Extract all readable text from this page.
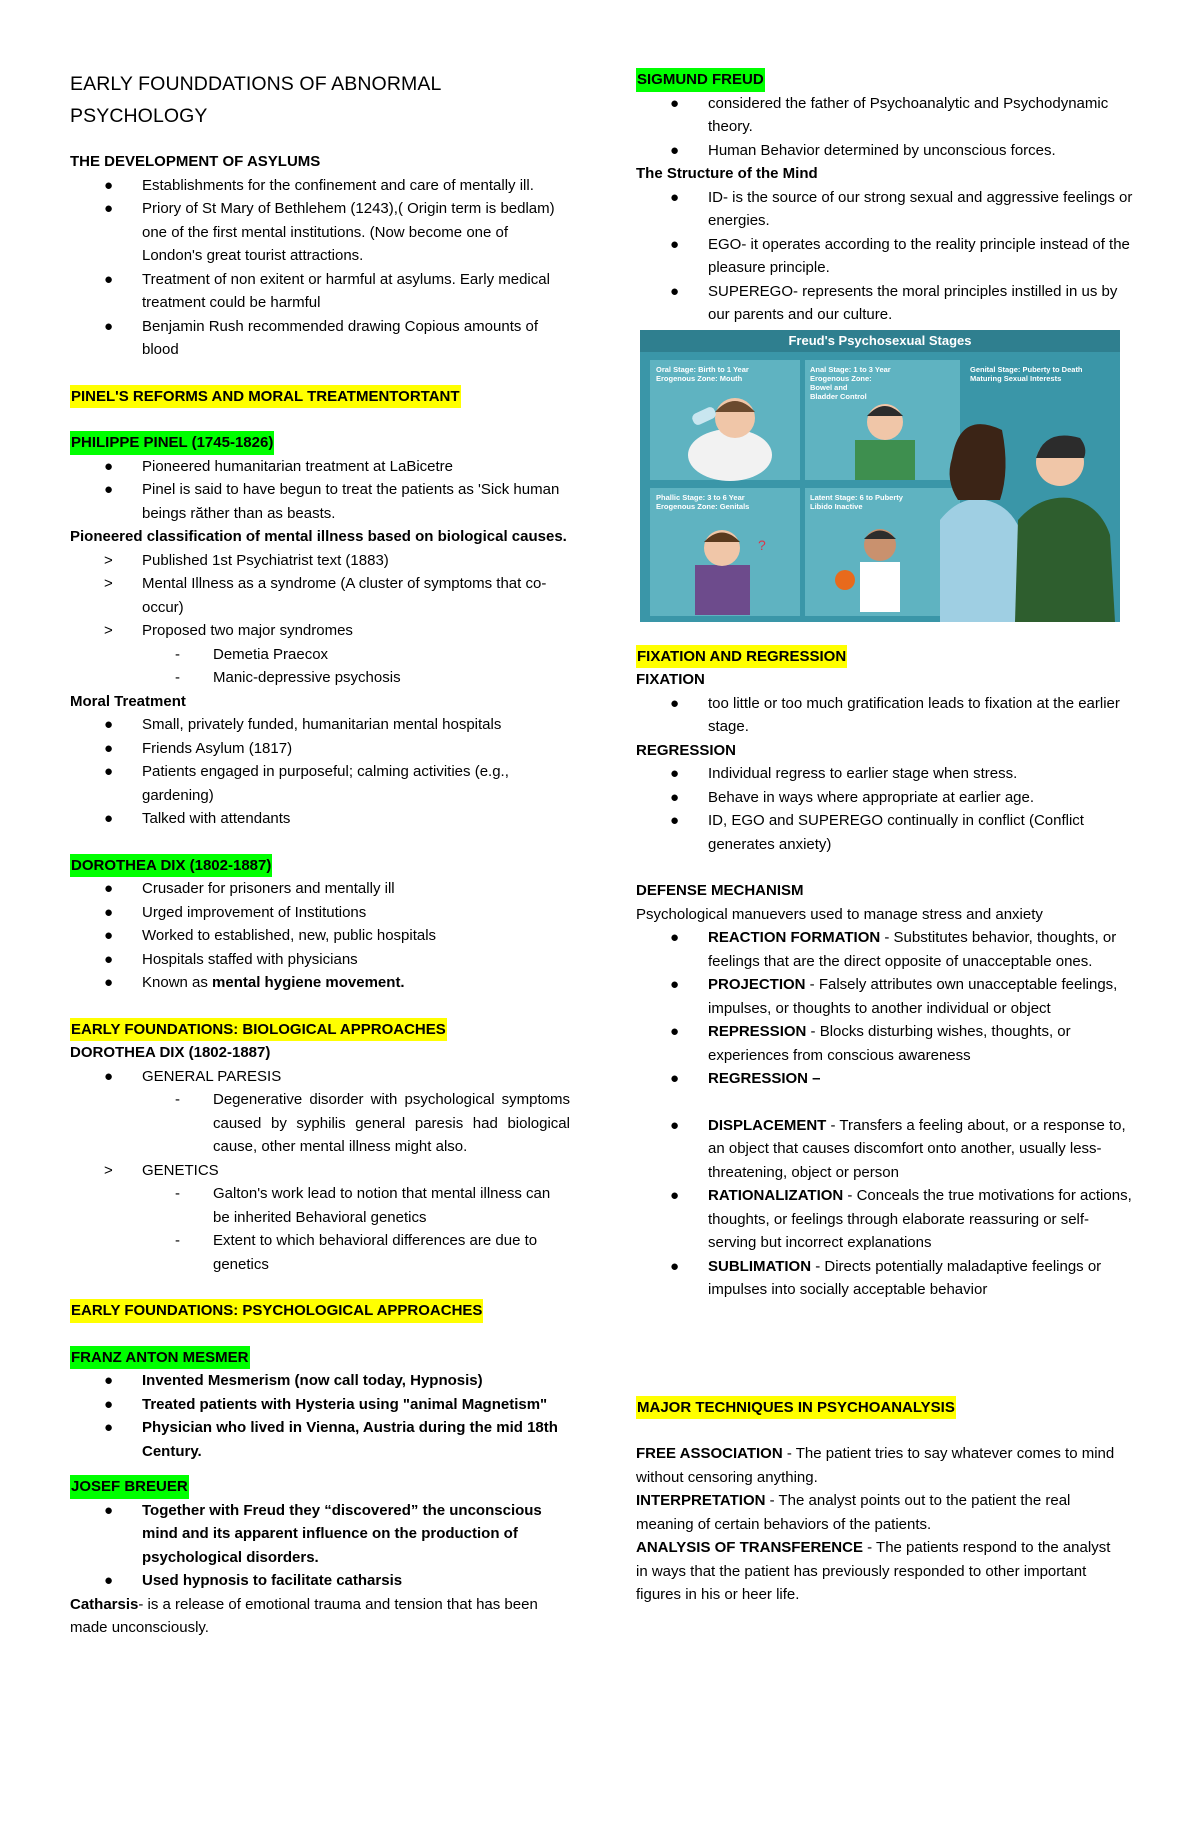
EARLY FOUNDDATIONS OF ABNORMAL PSYCHOLOGY

THE DEVELOPMENT OF ASYLUMS

● Establishments for the confinement and care of mentally ill.
● Priory of St Mary of Bethlehem (1243),( Origin term is bedlam) one of the first mental institutions. (Now become one of London's great tourist attractions.
● Treatment of non exitent or harmful at asylums. Early medical treatment could be harmful
● Benjamin Rush recommended drawing Copious amounts of blood

PINEL'S REFORMS AND MORAL TREATMENTORTANT

PHILIPPE PINEL (1745-1826)

● Pioneered humanitarian treatment at LaBicetre
● Pinel is said to have begun to treat the patients as 'Sick human beings răther than as beasts.

Pioneered classification of mental illness based on biological causes.

> Published 1st Psychiatrist text (1883)
> Mental Illness as a syndrome (A cluster of symptoms that co-occur)
> Proposed two major syndromes
- Demetia Praecox
- Manic-depressive psychosis

Moral Treatment

● Small, privately funded, humanitarian mental hospitals
● Friends Asylum (1817)
● Patients engaged in purposeful; calming activities (e.g., gardening)
● Talked with attendants

DOROTHEA DIX (1802-1887)

● Crusader for prisoners and mentally ill
● Urged improvement of Institutions
● Worked to established, new, public hospitals
● Hospitals staffed with physicians
● Known as mental hygiene movement.

EARLY FOUNDATIONS: BIOLOGICAL APPROACHES

DOROTHEA DIX (1802-1887)

● GENERAL PARESIS
- Degenerative disorder with psychological symptoms caused by syphilis general paresis had biological cause, other mental illness might also.
> GENETICS
- Galton's work lead to notion that mental illness can be inherited Behavioral genetics
- Extent to which behavioral differences are due to genetics

EARLY FOUNDATIONS: PSYCHOLOGICAL APPROACHES

FRANZ ANTON MESMER

● Invented Mesmerism (now call today, Hypnosis)
● Treated patients with Hysteria using "animal Magnetism"
● Physician who lived in Vienna, Austria during the mid 18th Century.

JOSEF BREUER

● Together with Freud they “discovered” the unconscious mind and its apparent influence on the production of psychological disorders.
● Used hypnosis to facilitate catharsis

Catharsis- is a release of emotional trauma and tension that has been made unconsciously.

SIGMUND FREUD

● considered the father of Psychoanalytic and Psychodynamic theory.
● Human Behavior determined by unconscious forces.

The Structure of the Mind

● ID- is the source of our strong sexual and aggressive feelings or energies.
● EGO- it operates according to the reality principle instead of the pleasure principle.
● SUPEREGO- represents the moral principles instilled in us by our parents and our culture.
Freud's Psychosexual Stages
Oral Stage: Birth to 1 Year
Erogenous Zone: Mouth
Anal Stage: 1 to 3 Year
Erogenous Zone:
Bowel and
Bladder Control
Genital Stage: Puberty to Death
Maturing Sexual Interests
Phallic Stage: 3 to 6 Year
Erogenous Zone: Genitals
Latent Stage: 6 to Puberty
Libido Inactive
?

FIXATION AND REGRESSION

FIXATION

● too little or too much gratification leads to fixation at the earlier stage.

REGRESSION

● Individual regress to earlier stage when stress.
● Behave in ways where appropriate at earlier age.
● ID, EGO and SUPEREGO continually in conflict (Conflict generates anxiety)

DEFENSE MECHANISM

Psychological manuevers used to manage stress and anxiety

● REACTION FORMATION - Substitutes behavior, thoughts, or feelings that are the direct opposite of unacceptable ones.
● PROJECTION - Falsely attributes own unacceptable feelings, impulses, or thoughts to another individual or object
● REPRESSION - Blocks disturbing wishes, thoughts, or experiences from conscious awareness
● REGRESSION –
● DISPLACEMENT - Transfers a feeling about, or a response to, an object that causes discomfort onto another, usually less-threatening, object or person
● RATIONALIZATION - Conceals the true motivations for actions, thoughts, or feelings through elaborate reassuring or self-serving but incorrect explanations
● SUBLIMATION - Directs potentially maladaptive feelings or impulses into socially acceptable behavior

MAJOR TECHNIQUES IN PSYCHOANALYSIS

FREE ASSOCIATION - The patient tries to say whatever comes to mind without censoring anything.

INTERPRETATION - The analyst points out to the patient the real meaning of certain behaviors of the patients.

ANALYSIS OF TRANSFERENCE - The patients respond to the analyst in ways that the patient has previously responded to other important figures in his or heer life.
